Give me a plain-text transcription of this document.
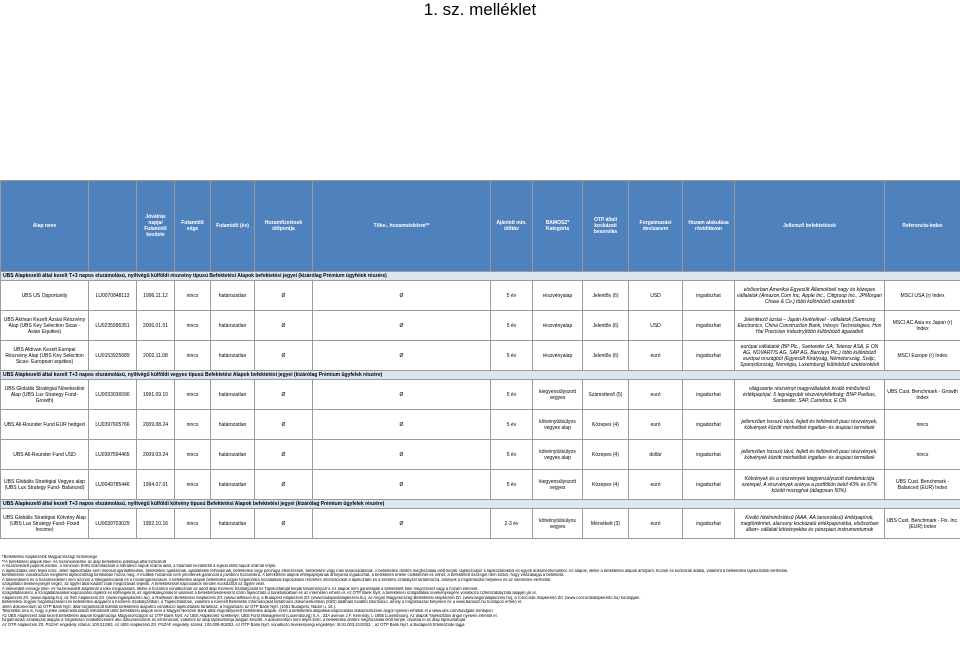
1. sz. melléklet
Alap neve		Jóváírás napja/ Futamidő kezdete	Futamidő vége	Futamidő (év)	Hozamfizetések időpontja	Tőke-, hozamvédelem**	Ajánlott min. időtáv	BAMOSZ* Kategória	OTP általi kockázati besorolás	Forgalmazási devizanem	Hozam alakulása röviditávon	Jellemző befektetések	Referencia-index
UBS Alapkezelő által kezelt T+3 napos elszámolású, nyíltvégű külföldi részvény típusú Befektetési Alapok befektetési jegyei (kizárólag Prémium ügyfelek részére)													
UBS US Opportunity	LU0070848113	1996.11.12	nincs	határozatlan	Ø	Ø	5 év	részvényalap	Jelentős (6)	USD	ingadozhat	elsősorban Amerikai Egyesült Államokbeli nagy és közepes vállalatok (Amazon.Com Inc, Apple Inc., Citigroup Inc., JPMorgan Chase & Co.) több különböző szektorból	MSCI USA (r) Index
UBS Aktívan Kezelt Ázsiai Részvény Alap (UBS Key Selection Sicav - Asian Equities)	LU0235996351	2006.01.01	nincs	határozatlan	Ø	Ø	5 év	részvényalap	Jelentős (6)	USD	ingadozhat	Jelentkező ázsiai – Japán kivételével - vállalatok (Samsung Electronics, China Construction Bank, Infosys Technologies, Hon Hai Precision Industry)több különböző ágazatból	MSCI AC Asia ex Japan (r) Index
UBS Aktívan Kezelt Európai Részvény Alap (UBS Key Selection Sicav- European equities)	LU0153925689	2002.11.08	nincs	határozatlan	Ø	Ø	5 év	részvényalap	Jelentős (6)	euró	ingadozhat	európai vállalatok (BP Plc., Santander SA, Telenor ASA, E ON AG, NOVARTIS AG, SAP AG, Barclays Plc.) több különböző európai országból (Egyesült Királyság, Németország, Svájc, Spanyolország, Norvégia, Luxemburg) különböző szektorokból	MSCI Europe (r) Index
UBS Alapkezelő által kezelt T+3 napos elszámolású, nyíltvégű külföldi vegyes típusú Befektetési Alapok befektetési jegyei (kizárólag Prémium ügyfelek részére)													
UBS Globális Stratégiai Növekedési Alap (UBS Lux Strategy Fund- Growth)	LU0033036590	1991.09.10	nincs	határozatlan	Ø	Ø	5 év	kiegyensúlyozott vegyes	Számottevő (5)	euró	ingadozhat	világszerte részvényt magyvállalatok kiváló minősítésű értékpapírjai, 5 legnagyobb részvénykitettség: BNP Paribas, Santander, SAP, Carrefour, E.ON	UBS Cust. Benchmark - Growth Index
UBS All-Rounder Fund EUR hedged	LU0397605766	2009.08.24	nincs	határozatlan	Ø	Ø	5 év	kötvénytúlsúlyos vegyes alap	Közepes (4)	euró	ingadozhat	jellemzően hosszú távú, fejlett és feltörekvő piaci részvények, kötvények között mérhetőek ingatlan- és árupiaci termékek	nincs
UBS All-Rounder Fund USD	LU0397594465	2009.03.24	nincs	határozatlan	Ø	Ø	5 év	kötvénytúlsúlyos vegyes alap	Közepes (4)	dollár	ingadozhat	jellemzően hosszú távú, fejlett és feltörekvő piaci részvények, kötvények között mérhetőek ingatlan- és árupiaci termékek	nincs
UBS Globális Stratégiai Vegyes alap (UBS Lux Strategy Fund- Balanced)	LU0049785446	1994.07.01	nincs	határozatlan	Ø	Ø	5 év	kiegyensúlyozott vegyes	Közepes (4)	euró	ingadozhat	Kötvények és a részvények kiegyensúlyozott kombinációja szerepel. A részvények aránya a portfólión belül 43% és 67% között mozoghat (átlagosan 50%).	UBS Cust. Benchmark - Balanced (EUR) Index
UBS Alapkezelő által kezelt T+3 napos elszámolású, nyíltvégű külföldi kötvény típusú Befektetési Alapok befektetési jegyei (kizárólag Prémium ügyfelek részére)													
UBS Globális Stratégiai Kötvény Alap (UBS Lux Strategy Fund- Fixed Income)	LU0039703029	1992.10.16	nincs	határozatlan	Ø	Ø	2-3 év	kötvénytúlsúlyos vegyes	Mérsékelt (3)	euró	ingadozhat	Kiváló hitelminősítésű (AAA, AA besorolású) értékpapírok, megtörténhet, alacsony kockázatú értékpapírokba, elsősorban állam- vállalati kötvényekbe és pénzpiaci instrumentumok	UBS Cust. Benchmark - Fix. Inc. (EUR) Index
*Befektetési Alapkezelők Magyarországi Szövetsége
**A befektetési alapok tőke- és hozamvédelme az alap befektetési politikája által biztosított
A hozamvédett papírok esetén, a minimum ÉHM számításánál a hátralévő napok száma alatt, a futamidő kezdetétől a lejárat előtti napok számát értjük.
A tájékoztatás nem teljes körű. Jelen tájékoztatás nem minősül ajánlattételnek, befektetési ajánlásnak, ajánlattételi felhívásnak, befektetési vagy pénzügyi elemzésnek, befektetési vagy más tanácsadásnak. A befektetési döntés meghozatala előtt kérjük, tájékozódjon a tájékoztatókból és egyéb dokumentumokból. Az alapok, illetve a befektetési alapok árfolyam, hozam és kockázati adatai, valamint a befektetési tájékoztatók elérhetők.
befektetésre vonatkozóan megfelelő tájékozottság birtokában hozza meg. A múltbeli hozamok nem jelentenek garanciát a jövőbeni hozamokra. A befektetési alapok értékpapírjainak árfolyama ingadozhat, a befektetés értéke csökkenhet és nőhet, a befektetett összeget nem biztos, hogy visszakapja a befektető.
A tőkevédelem és a hozamvédelem nem azonos a tőkegaranciával és a hozamgaranciával. A befektetési alapok befektetési jegyei forgalomba hozatalával kapcsolatos részletes információkat a tájékoztató és a kezelési szabályzat tartalmazza, amelyek a forgalmazási helyeken és az interneten elérhetők.
szolgáltatói tevékenységet végez, az ügyfél által kiadott csak megbízásait teljesíti. A befektetéssel kapcsolatos minden kockázatot az ügyfél visel.
A tőkevédett és/vagy tőke- és hozamvédett alapoknál a tőke megóvására, illetve a hozamra vonatkozóan az adott alap Kezelési Szabályzatát és Tájékoztatóját kérjük tanulmányozni. Az alapok nem garantálják a befektetett tőke megőrzését vagy a hozam elérését.
szolgáltatásokról, a szolgáltatásokkal kapcsolatos díjakról és költségekről, az ügyfélkategóriákról valamint a befektetővédelemről szóló tájékoztató a bankfiókokban és az interneten érhető el. Az OTP Bank Nyrt. a befektetési szolgáltatási tevékenységére vonatkozó Üzletszabályzata alapján jár el.
Alapkezelő Zrt. (www.otpalap.hu), az ING Alapkezelő Zrt. (www.ingalapkezelo.hu), a Raiffeisen Befektetési Alapkezelő Zrt. (www.raiffeisen.hu), a Budapest Alapkezelő Zrt. (www.budapestalapkezelo.hu), az Aegon Magyarország Befektetési Alapkezelő Zrt. (www.aegonalapkezelo.hu), a Concorde Alapkezelő Zrt. (www.concordealapkezelo.hu) honlapjain.
Befektetési Jegyek forgalmazásáról és befektetési alapjairól a Kezelési Szabályzatban, a Tájékoztatóban, valamint a Kiemelt Befektetői Információkat tartalmazó dokumentumban (KIID) található további információ, amely a forgalmazási helyeken és a www.bamosz.hu honlapon érhető el.
Jelen dokumentum az OTP Bank Nyrt. által forgalmazott külföldi befektetési alapokra vonatkozó tájékoztatást tartalmaz, a forgalmazó az OTP Bank Nyrt. (1051 Budapest, Nádor u. 16.).
Tekintettel arra is, hogy a jelen dokumentumban feltüntetett UBS befektetési alapok nem a Magyar Nemzeti Bank által engedélyezett befektetési alapok, ezért a befektetési alapokkal kapcsolatos dokumentumok angol nyelven érhetők el a www.ubs.com/fundgate honlapon.
Az UBS Alapkezelő által kezelt befektetési alapok forgalmazója Magyarországon az OTP Bank Nyrt. Az UBS Alapkezelő székhelye: UBS Fund Management (Luxembourg) S.A., 33A avenue J.F. Kennedy, L-1855 Luxembourg. Az alapok Tájékoztatói angol nyelven érhetők el.
forgalmazási szabályzat alapján a forgalmazó rendelkezésére álló dokumentumok és információk, valamint az alap tájékoztatója alapján készült. A dokumentum nem teljes körű, a befektetési döntés meghozatala előtt kérjük, olvassa el az alap tájékoztatóját.
Az OTP Alapkezelő Zrt. PSZÁF engedély száma: 100.013/93. Az UBS Alapkezelő Zrt. PSZÁF engedély száma: 100.008-8/2002. Az OTP Bank Nyrt. vonatkozó tevékenységi engedélye: III/41.003-21/2002. , az OTP Bank Nyrt. a Budapesti Értéktőzsde tagja.
